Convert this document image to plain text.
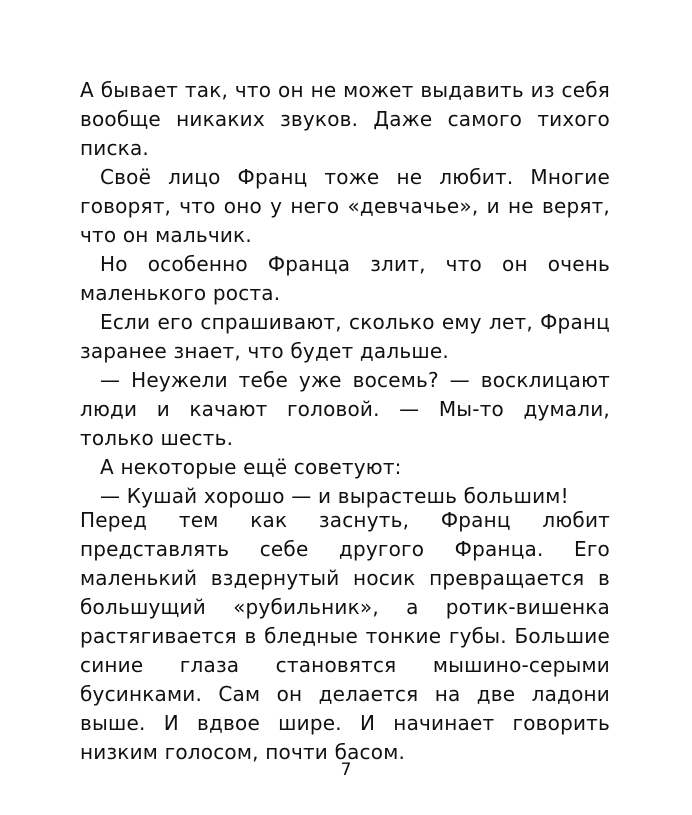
А бывает так, что он не может выдавить из себя вообще никаких звуков. Даже самого тихого писка.

Своё лицо Франц тоже не любит. Многие говорят, что оно у него «девчачье», и не верят, что он мальчик.

Но особенно Франца злит, что он очень маленького роста.

Если его спрашивают, сколько ему лет, Франц заранее знает, что будет дальше.

— Неужели тебе уже восемь? — восклицают люди и качают головой. — Мы-то думали, только шесть.

А некоторые ещё советуют:

— Кушай хорошо — и вырастешь большим!

Перед тем как заснуть, Франц любит представлять себе другого Франца. Его маленький вздернутый носик превращается в большущий «рубильник», а ротик-вишенка растягивается в бледные тонкие губы. Большие синие глаза становятся мышино-серыми бусинками. Сам он делается на две ладони выше. И вдвое шире. И начинает говорить низким голосом, почти басом.

7
